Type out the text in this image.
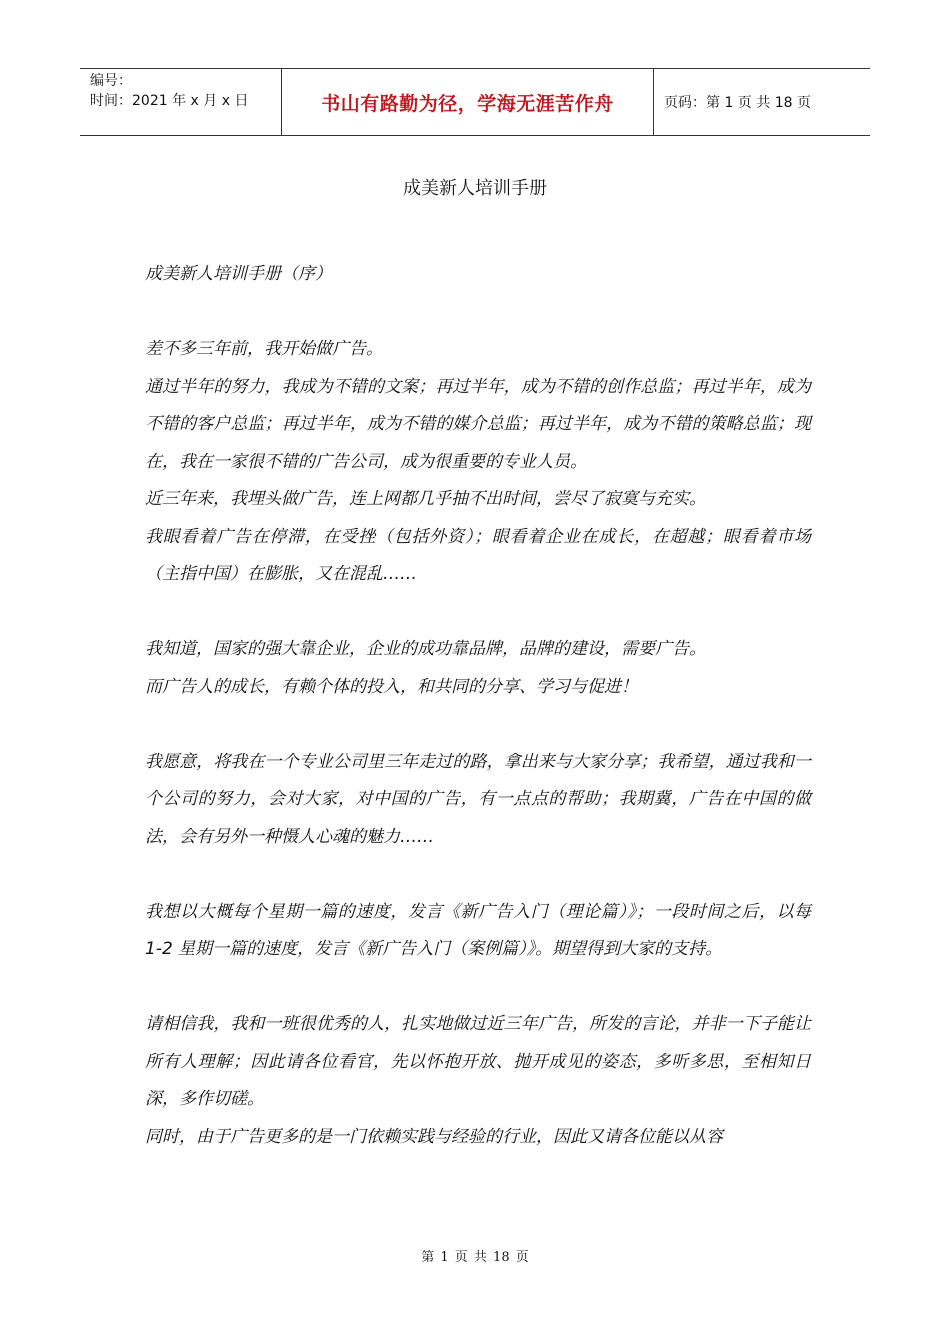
编号：
时间：2021 年 x 月 x 日	书山有路勤为径，学海无涯苦作舟	页码：第 1 页 共 18 页
成美新人培训手册

成美新人培训手册（序）

差不多三年前，我开始做广告。

通过半年的努力，我成为不错的文案；再过半年，成为不错的创作总监；再过半年，成为不错的客户总监；再过半年，成为不错的媒介总监；再过半年，成为不错的策略总监；现在，我在一家很不错的广告公司，成为很重要的专业人员。

近三年来，我埋头做广告，连上网都几乎抽不出时间，尝尽了寂寞与充实。

我眼看着广告在停滞，在受挫（包括外资）；眼看着企业在成长，在超越；眼看着市场（主指中国）在膨胀，又在混乱……

我知道，国家的强大靠企业，企业的成功靠品牌，品牌的建设，需要广告。

而广告人的成长，有赖个体的投入，和共同的分享、学习与促进！

我愿意，将我在一个专业公司里三年走过的路，拿出来与大家分享；我希望，通过我和一个公司的努力，会对大家，对中国的广告，有一点点的帮助；我期冀，广告在中国的做法，会有另外一种慑人心魂的魅力……

我想以大概每个星期一篇的速度，发言《新广告入门（理论篇）》；一段时间之后，以每 1-2 星期一篇的速度，发言《新广告入门（案例篇）》。期望得到大家的支持。

请相信我，我和一班很优秀的人，扎实地做过近三年广告，所发的言论，并非一下子能让所有人理解；因此请各位看官，先以怀抱开放、抛开成见的姿态，多听多思，至相知日深，多作切磋。

同时，由于广告更多的是一门依赖实践与经验的行业，因此又请各位能以从容

第 1 页 共 18 页
